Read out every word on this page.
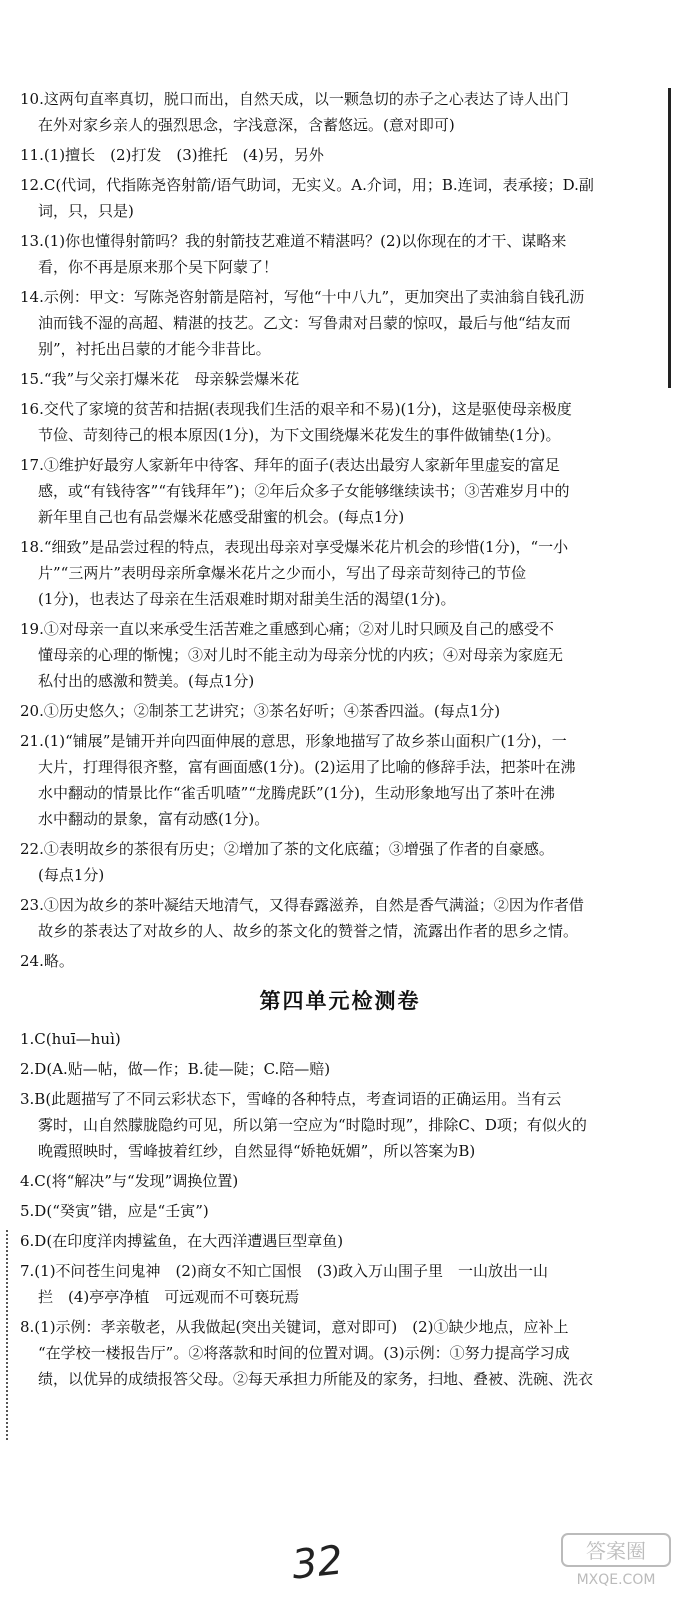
10.这两句直率真切，脱口而出，自然天成，以一颗急切的赤子之心表达了诗人出门
在外对家乡亲人的强烈思念，字浅意深，含蓄悠远。(意对即可)
11.(1)擅长　(2)打发　(3)推托　(4)另，另外
12.C(代词，代指陈尧咨射箭/语气助词，无实义。A.介词，用；B.连词，表承接；D.副
词，只，只是)
13.(1)你也懂得射箭吗？我的射箭技艺难道不精湛吗？(2)以你现在的才干、谋略来
看，你不再是原来那个吴下阿蒙了！
14.示例：甲文：写陈尧咨射箭是陪衬，写他“十中八九”，更加突出了卖油翁自钱孔沥
油而钱不湿的高超、精湛的技艺。乙文：写鲁肃对吕蒙的惊叹，最后与他“结友而
别”，衬托出吕蒙的才能今非昔比。
15.“我”与父亲打爆米花　母亲躲尝爆米花
16.交代了家境的贫苦和拮据(表现我们生活的艰辛和不易)(1分)，这是驱使母亲极度
节俭、苛刻待己的根本原因(1分)，为下文围绕爆米花发生的事件做铺垫(1分)。
17.①维护好最穷人家新年中待客、拜年的面子(表达出最穷人家新年里虚妄的富足
感，或“有钱待客”“有钱拜年”)；②年后众多子女能够继续读书；③苦难岁月中的
新年里自己也有品尝爆米花感受甜蜜的机会。(每点1分)
18.“细致”是品尝过程的特点，表现出母亲对享受爆米花片机会的珍惜(1分)，“一小
片”“三两片”表明母亲所拿爆米花片之少而小，写出了母亲苛刻待己的节俭
(1分)，也表达了母亲在生活艰难时期对甜美生活的渴望(1分)。
19.①对母亲一直以来承受生活苦难之重感到心痛；②对儿时只顾及自己的感受不
懂母亲的心理的惭愧；③对儿时不能主动为母亲分忧的内疚；④对母亲为家庭无
私付出的感激和赞美。(每点1分)
20.①历史悠久；②制茶工艺讲究；③茶名好听；④茶香四溢。(每点1分)
21.(1)“铺展”是铺开并向四面伸展的意思，形象地描写了故乡茶山面积广(1分)，一
大片，打理得很齐整，富有画面感(1分)。(2)运用了比喻的修辞手法，把茶叶在沸
水中翻动的情景比作“雀舌叽喳”“龙腾虎跃”(1分)，生动形象地写出了茶叶在沸
水中翻动的景象，富有动感(1分)。
22.①表明故乡的茶很有历史；②增加了茶的文化底蕴；③增强了作者的自豪感。
(每点1分)
23.①因为故乡的茶叶凝结天地清气，又得春露滋养，自然是香气满溢；②因为作者借
故乡的茶表达了对故乡的人、故乡的茶文化的赞誉之情，流露出作者的思乡之情。
24.略。
第四单元检测卷
1.C(huī—huì)
2.D(A.贴—帖，做—作；B.徒—陡；C.陪—赔)
3.B(此题描写了不同云彩状态下，雪峰的各种特点，考查词语的正确运用。当有云
雾时，山自然朦胧隐约可见，所以第一空应为“时隐时现”，排除C、D项；有似火的
晚霞照映时，雪峰披着红纱，自然显得“娇艳妩媚”，所以答案为B)
4.C(将“解决”与“发现”调换位置)
5.D(“癸寅”错，应是“壬寅”)
6.D(在印度洋肉搏鲨鱼，在大西洋遭遇巨型章鱼)
7.(1)不问苍生问鬼神　(2)商女不知亡国恨　(3)政入万山围子里　一山放出一山
拦　(4)亭亭净植　可远观而不可亵玩焉
8.(1)示例：孝亲敬老，从我做起(突出关键词，意对即可)　(2)①缺少地点，应补上
“在学校一楼报告厅”。②将落款和时间的位置对调。(3)示例：①努力提高学习成
绩，以优异的成绩报答父母。②每天承担力所能及的家务，扫地、叠被、洗碗、洗衣
32	答案圈
MXQE.COM
